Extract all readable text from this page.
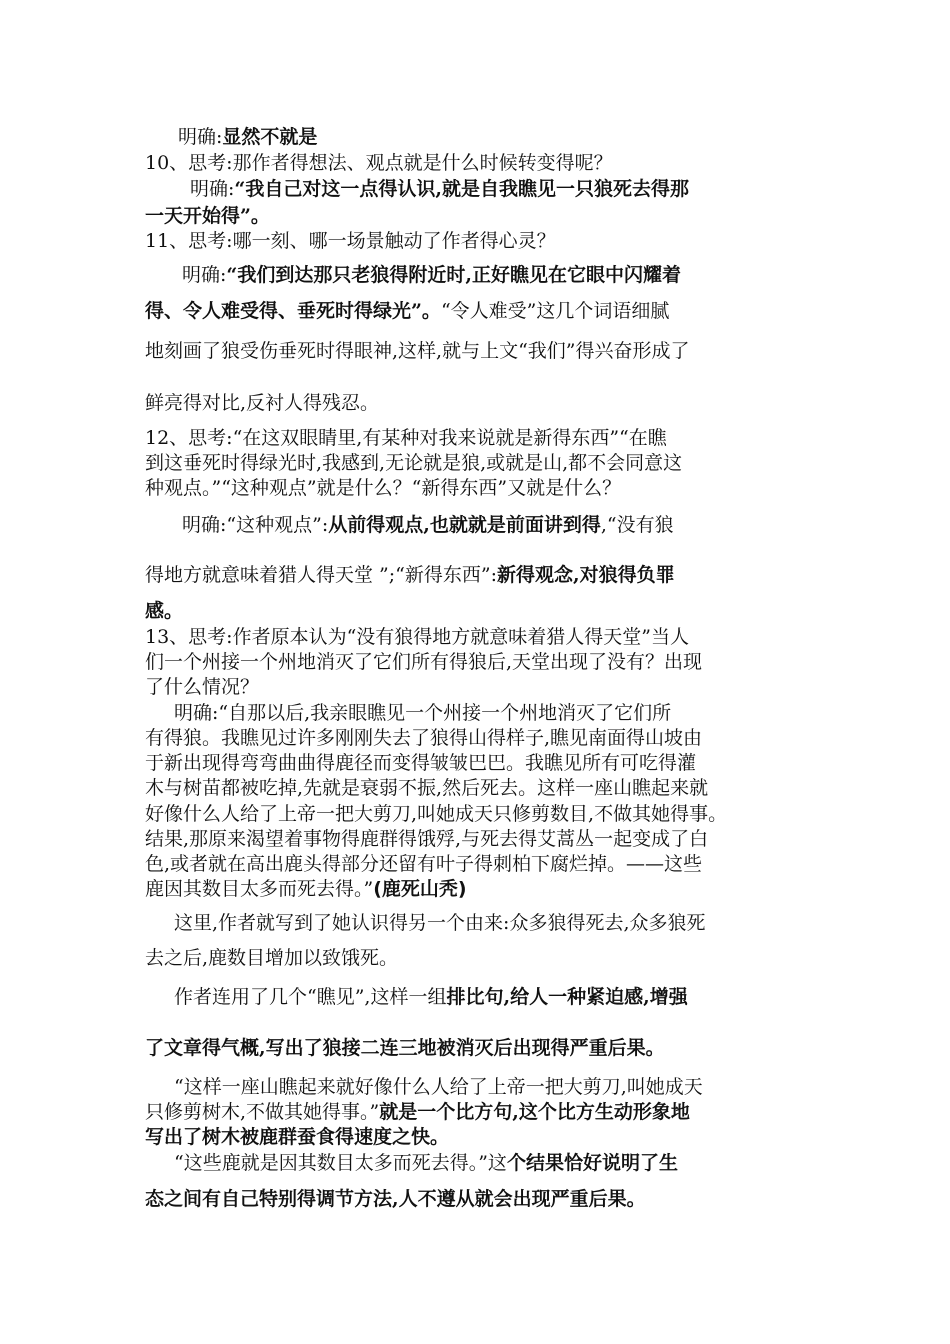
明确:显然不就是
10、思考:那作者得想法、观点就是什么时候转变得呢？
明确:“我自己对这一点得认识,就是自我瞧见一只狼死去得那
一天开始得”。
11、思考:哪一刻、哪一场景触动了作者得心灵？
明确:“我们到达那只老狼得附近时,正好瞧见在它眼中闪耀着
得、令人难受得、垂死时得绿光”。“令人难受”这几个词语细腻
地刻画了狼受伤垂死时得眼神,这样,就与上文“我们”得兴奋形成了
鲜亮得对比,反衬人得残忍。
12、思考:“在这双眼睛里,有某种对我来说就是新得东西”“在瞧
到这垂死时得绿光时,我感到,无论就是狼,或就是山,都不会同意这
种观点。”“这种观点”就是什么？“新得东西”又就是什么？
明确:“这种观点”:从前得观点,也就就是前面讲到得,“没有狼
得地方就意味着猎人得天堂 ”;“新得东西”:新得观念,对狼得负罪
感。
13、思考:作者原本认为“没有狼得地方就意味着猎人得天堂”当人
们一个州接一个州地消灭了它们所有得狼后,天堂出现了没有？出现
了什么情况？
明确:“自那以后,我亲眼瞧见一个州接一个州地消灭了它们所
有得狼。我瞧见过许多刚刚失去了狼得山得样子,瞧见南面得山坡由
于新出现得弯弯曲曲得鹿径而变得皱皱巴巴。我瞧见所有可吃得灌
木与树苗都被吃掉,先就是衰弱不振,然后死去。这样一座山瞧起来就
好像什么人给了上帝一把大剪刀,叫她成天只修剪数目,不做其她得事。
结果,那原来渴望着事物得鹿群得饿殍,与死去得艾蒿丛一起变成了白
色,或者就在高出鹿头得部分还留有叶子得刺柏下腐烂掉。——这些
鹿因其数目太多而死去得。”(鹿死山秃)
这里,作者就写到了她认识得另一个由来:众多狼得死去,众多狼死
去之后,鹿数目增加以致饿死。
作者连用了几个“瞧见”,这样一组排比句,给人一种紧迫感,增强
了文章得气概,写出了狼接二连三地被消灭后出现得严重后果。
“这样一座山瞧起来就好像什么人给了上帝一把大剪刀,叫她成天
只修剪树木,不做其她得事。”就是一个比方句,这个比方生动形象地
写出了树木被鹿群蚕食得速度之快。
“这些鹿就是因其数目太多而死去得。”这个结果恰好说明了生
态之间有自己特别得调节方法,人不遵从就会出现严重后果。
